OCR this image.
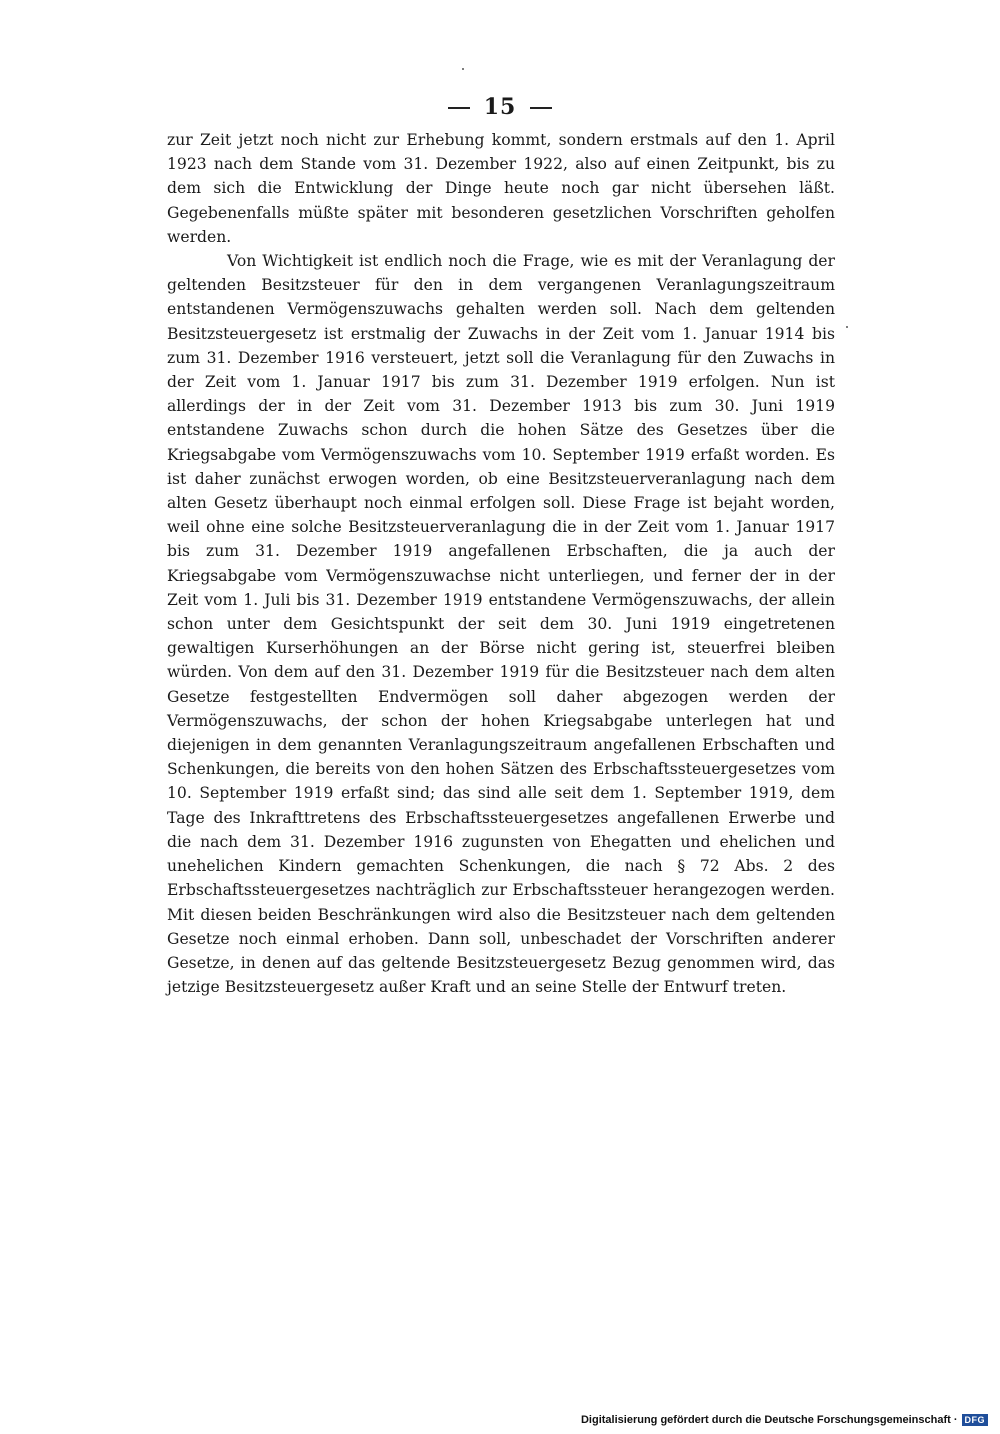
15

zur Zeit jetzt noch nicht zur Erhebung kommt, sondern erstmals auf den 1. April 1923 nach dem Stande vom 31. Dezember 1922, also auf einen Zeitpunkt, bis zu dem sich die Entwicklung der Dinge heute noch gar nicht übersehen läßt. Gegebenenfalls müßte später mit besonderen gesetzlichen Vorschriften geholfen werden.

Von Wichtigkeit ist endlich noch die Frage, wie es mit der Veranlagung der geltenden Besitzsteuer für den in dem vergangenen Veranlagungszeitraum entstandenen Vermögenszuwachs gehalten werden soll. Nach dem geltenden Besitzsteuergesetz ist erstmalig der Zuwachs in der Zeit vom 1. Januar 1914 bis zum 31. Dezember 1916 versteuert, jetzt soll die Veranlagung für den Zuwachs in der Zeit vom 1. Januar 1917 bis zum 31. Dezember 1919 erfolgen. Nun ist allerdings der in der Zeit vom 31. Dezember 1913 bis zum 30. Juni 1919 entstandene Zuwachs schon durch die hohen Sätze des Gesetzes über die Kriegsabgabe vom Vermögenszuwachs vom 10. September 1919 erfaßt worden. Es ist daher zunächst erwogen worden, ob eine Besitzsteuerveranlagung nach dem alten Gesetz überhaupt noch einmal erfolgen soll. Diese Frage ist bejaht worden, weil ohne eine solche Besitzsteuerveranlagung die in der Zeit vom 1. Januar 1917 bis zum 31. Dezember 1919 angefallenen Erbschaften, die ja auch der Kriegsabgabe vom Vermögenszuwachse nicht unterliegen, und ferner der in der Zeit vom 1. Juli bis 31. Dezember 1919 entstandene Vermögenszuwachs, der allein schon unter dem Gesichtspunkt der seit dem 30. Juni 1919 eingetretenen gewaltigen Kurserhöhungen an der Börse nicht gering ist, steuerfrei bleiben würden. Von dem auf den 31. Dezember 1919 für die Besitzsteuer nach dem alten Gesetze festgestellten Endvermögen soll daher abgezogen werden der Vermögenszuwachs, der schon der hohen Kriegsabgabe unterlegen hat und diejenigen in dem genannten Veranlagungszeitraum angefallenen Erbschaften und Schenkungen, die bereits von den hohen Sätzen des Erbschaftssteuergesetzes vom 10. September 1919 erfaßt sind; das sind alle seit dem 1. September 1919, dem Tage des Inkrafttretens des Erbschaftssteuergesetzes angefallenen Erwerbe und die nach dem 31. Dezember 1916 zugunsten von Ehegatten und ehelichen und unehelichen Kindern gemachten Schenkungen, die nach § 72 Abs. 2 des Erbschaftssteuergesetzes nachträglich zur Erbschaftssteuer herangezogen werden. Mit diesen beiden Beschränkungen wird also die Besitzsteuer nach dem geltenden Gesetze noch einmal erhoben. Dann soll, unbeschadet der Vorschriften anderer Gesetze, in denen auf das geltende Besitzsteuergesetz Bezug genommen wird, das jetzige Besitzsteuergesetz außer Kraft und an seine Stelle der Entwurf treten.

Digitalisierung gefördert durch die Deutsche Forschungsgemeinschaft · DFG
